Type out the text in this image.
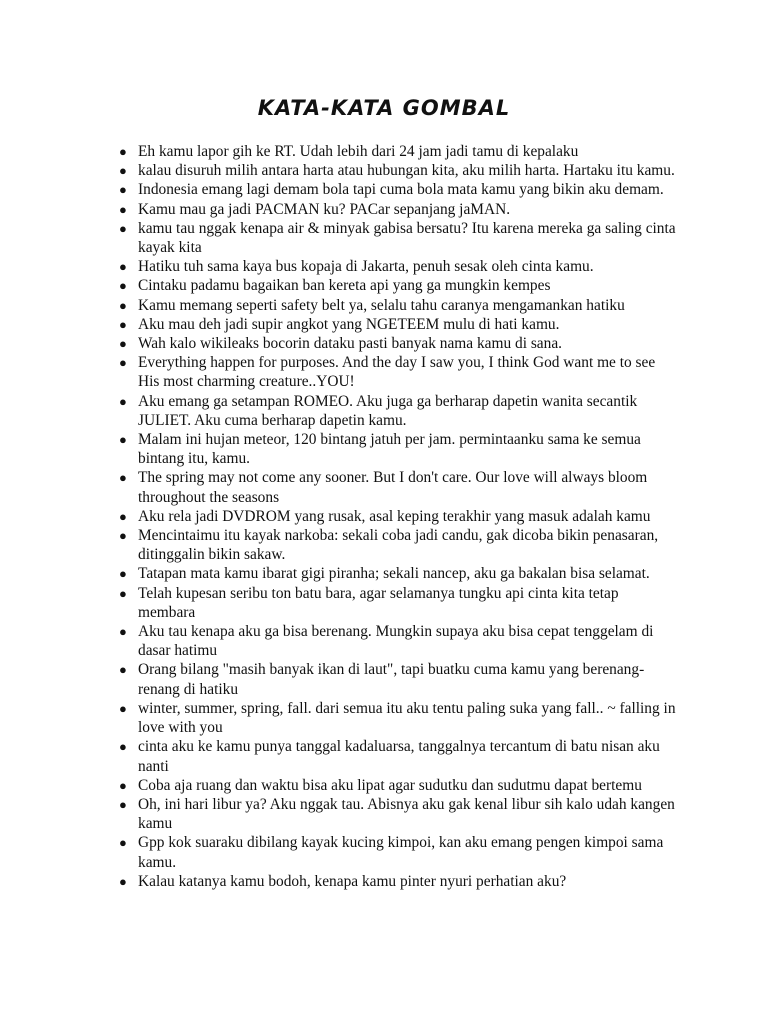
KATA-KATA GOMBAL
● Eh kamu lapor gih ke RT. Udah lebih dari 24 jam jadi tamu di kepalaku
● kalau disuruh milih antara harta atau hubungan kita, aku milih harta. Hartaku itu kamu.
● Indonesia emang lagi demam bola tapi cuma bola mata kamu yang bikin aku demam.
● Kamu mau ga jadi PACMAN ku? PACar sepanjang jaMAN.
● kamu tau nggak kenapa air & minyak gabisa bersatu? Itu karena mereka ga saling cinta kayak kita
● Hatiku tuh sama kaya bus kopaja di Jakarta, penuh sesak oleh cinta kamu.
● Cintaku padamu bagaikan ban kereta api yang ga mungkin kempes
● Kamu memang seperti safety belt ya, selalu tahu caranya mengamankan hatiku
● Aku mau deh jadi supir angkot yang NGETEEM mulu di hati kamu.
● Wah kalo wikileaks bocorin dataku pasti banyak nama kamu di sana.
● Everything happen for purposes. And the day I saw you, I think God want me to see His most charming creature..YOU!
● Aku emang ga setampan ROMEO. Aku juga ga berharap dapetin wanita secantik JULIET. Aku cuma berharap dapetin kamu.
● Malam ini hujan meteor, 120 bintang jatuh per jam. permintaanku sama ke semua bintang itu, kamu.
● The spring may not come any sooner. But I don't care. Our love will always bloom throughout the seasons
● Aku rela jadi DVDROM yang rusak, asal keping terakhir yang masuk adalah kamu
● Mencintaimu itu kayak narkoba: sekali coba jadi candu, gak dicoba bikin penasaran, ditinggalin bikin sakaw.
● Tatapan mata kamu ibarat gigi piranha; sekali nancep, aku ga bakalan bisa selamat.
● Telah kupesan seribu ton batu bara, agar selamanya tungku api cinta kita tetap membara
● Aku tau kenapa aku ga bisa berenang. Mungkin supaya aku bisa cepat tenggelam di dasar hatimu
● Orang bilang "masih banyak ikan di laut", tapi buatku cuma kamu yang berenang-renang di hatiku
● winter, summer, spring, fall. dari semua itu aku tentu paling suka yang fall.. ~ falling in love with you
● cinta aku ke kamu punya tanggal kadaluarsa, tanggalnya tercantum di batu nisan aku nanti
● Coba aja ruang dan waktu bisa aku lipat agar sudutku dan sudutmu dapat bertemu
● Oh, ini hari libur ya? Aku nggak tau. Abisnya aku gak kenal libur sih kalo udah kangen kamu
● Gpp kok suaraku dibilang kayak kucing kimpoi, kan aku emang pengen kimpoi sama kamu.
● Kalau katanya kamu bodoh, kenapa kamu pinter nyuri perhatian aku?
